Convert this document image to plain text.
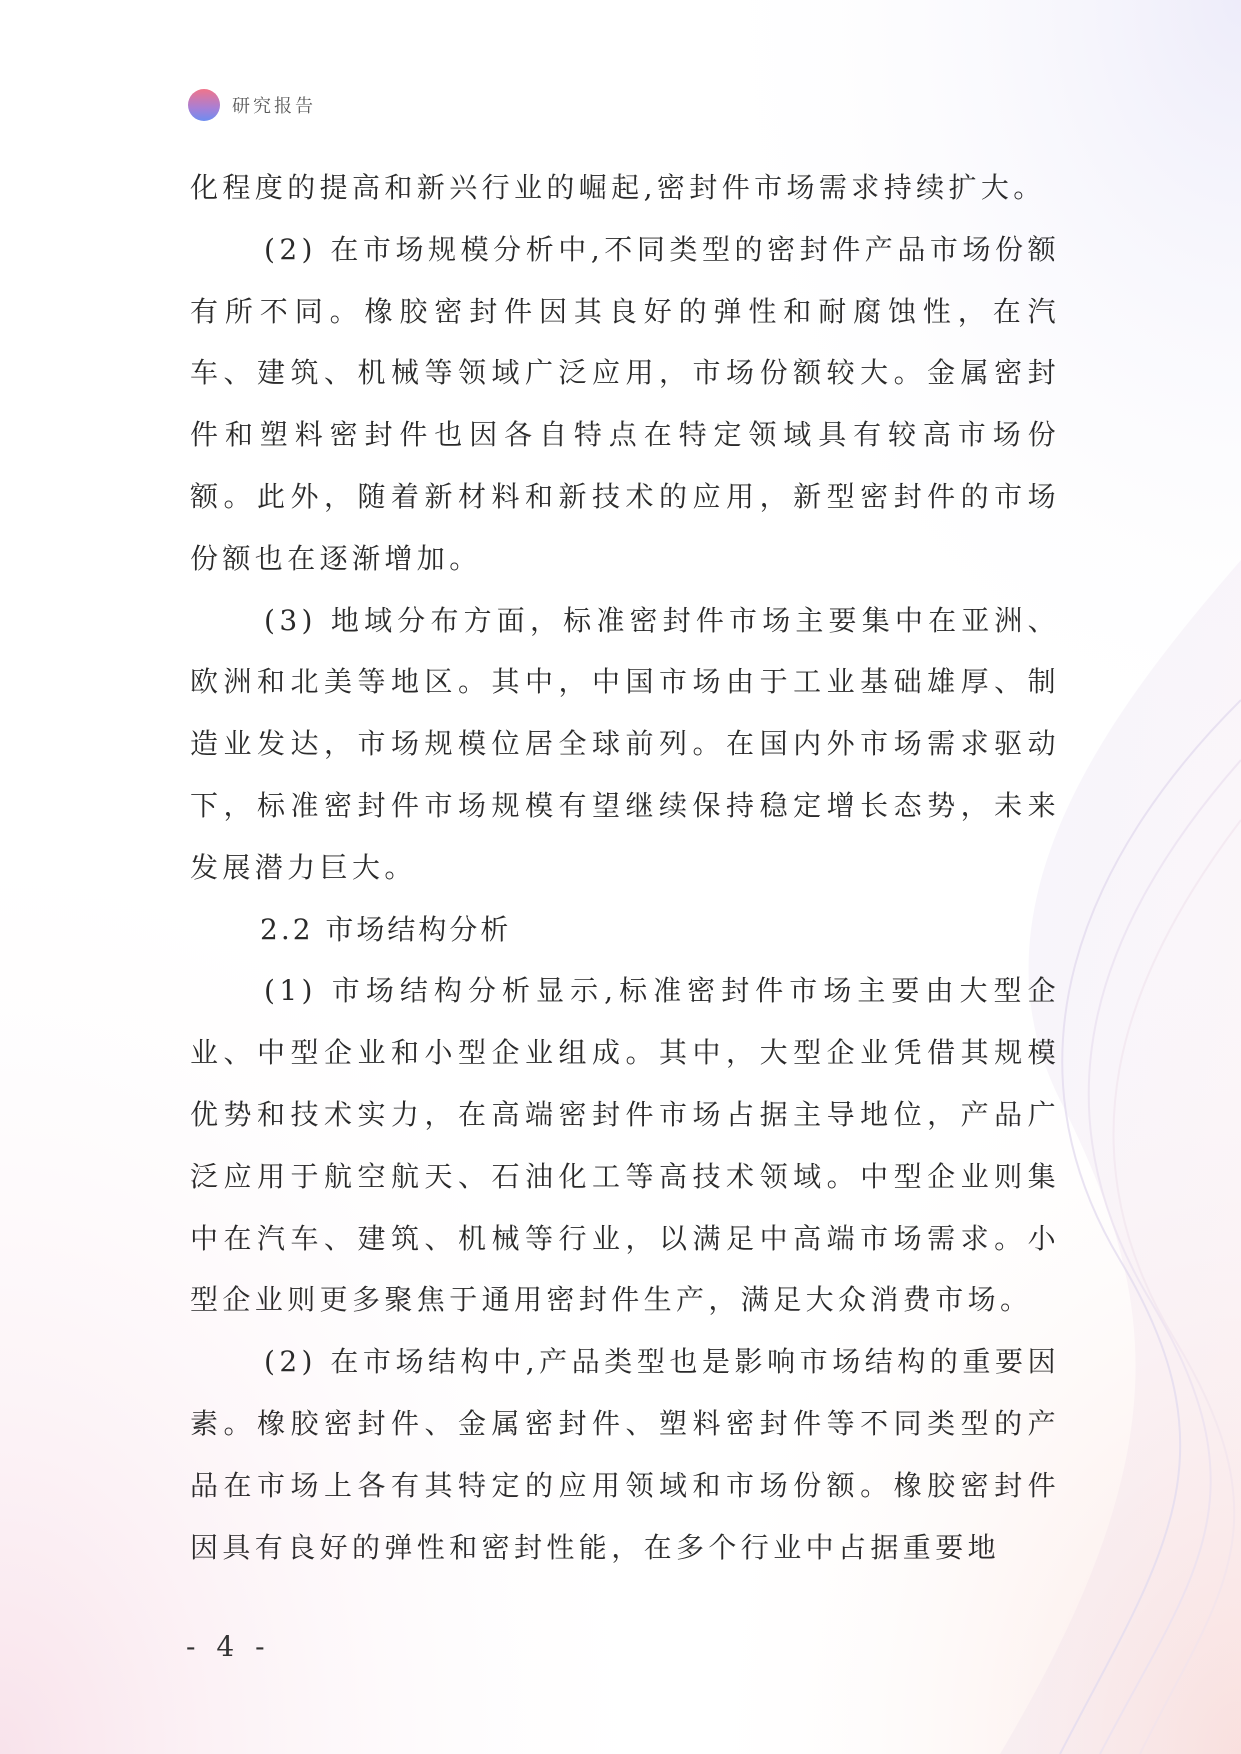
研究报告

化程度的提高和新兴行业的崛起,密封件市场需求持续扩大。

(2) 在市场规模分析中,不同类型的密封件产品市场份额有所不同。橡胶密封件因其良好的弹性和耐腐蚀性，在汽车、建筑、机械等领域广泛应用，市场份额较大。金属密封件和塑料密封件也因各自特点在特定领域具有较高市场份额。此外，随着新材料和新技术的应用，新型密封件的市场份额也在逐渐增加。

(3) 地域分布方面，标准密封件市场主要集中在亚洲、欧洲和北美等地区。其中，中国市场由于工业基础雄厚、制造业发达，市场规模位居全球前列。在国内外市场需求驱动下，标准密封件市场规模有望继续保持稳定增长态势，未来发展潜力巨大。

2.2 市场结构分析

(1) 市场结构分析显示,标准密封件市场主要由大型企业、中型企业和小型企业组成。其中，大型企业凭借其规模优势和技术实力，在高端密封件市场占据主导地位，产品广泛应用于航空航天、石油化工等高技术领域。中型企业则集中在汽车、建筑、机械等行业，以满足中高端市场需求。小型企业则更多聚焦于通用密封件生产，满足大众消费市场。

(2) 在市场结构中,产品类型也是影响市场结构的重要因素。橡胶密封件、金属密封件、塑料密封件等不同类型的产品在市场上各有其特定的应用领域和市场份额。橡胶密封件因具有良好的弹性和密封性能，在多个行业中占据重要地

- 4 -
